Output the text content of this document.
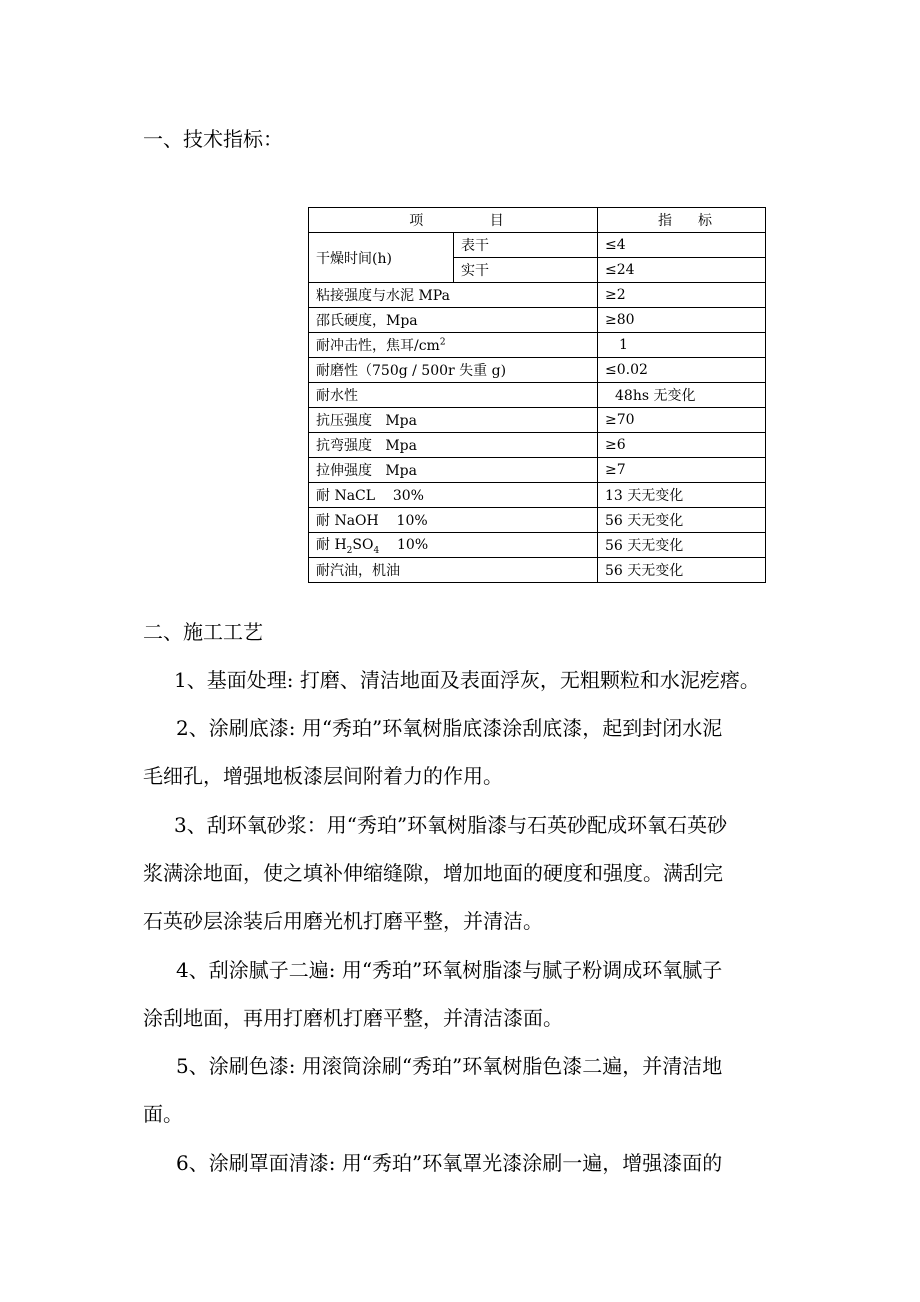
一、技术指标：
项 目		指 标

干燥时间(h)	表干	≤4
	实干	≤24
粘接强度与水泥 MPa		≥2
邵氏硬度，Mpa		≥80
耐冲击性，焦耳$/cm^2$		1
耐磨性（750g / 500r 失重 g)		≤0.02
耐水性		48hs 无变化
抗压强度   Mpa		≥70
抗弯强度   Mpa		≥6
拉伸强度   Mpa		≥7
耐 NaCL    30%		13 天无变化
耐 NaOH    10%		56 天无变化
耐 $H_2SO_4$    10%		56 天无变化
耐汽油，机油		56 天无变化
二、施工工艺
1、基面处理: 打磨、清洁地面及表面浮灰，无粗颗粒和水泥疙瘩。
2、涂刷底漆: 用“秀珀”环氧树脂底漆涂刮底漆，起到封闭水泥
毛细孔，增强地板漆层间附着力的作用。
3、刮环氧砂浆：用“秀珀”环氧树脂漆与石英砂配成环氧石英砂
浆满涂地面，使之填补伸缩缝隙，增加地面的硬度和强度。满刮完
石英砂层涂装后用磨光机打磨平整，并清洁。
4、刮涂腻子二遍: 用“秀珀”环氧树脂漆与腻子粉调成环氧腻子
涂刮地面，再用打磨机打磨平整，并清洁漆面。
5、涂刷色漆: 用滚筒涂刷“秀珀”环氧树脂色漆二遍，并清洁地
面。
6、涂刷罩面清漆: 用“秀珀”环氧罩光漆涂刷一遍，增强漆面的
